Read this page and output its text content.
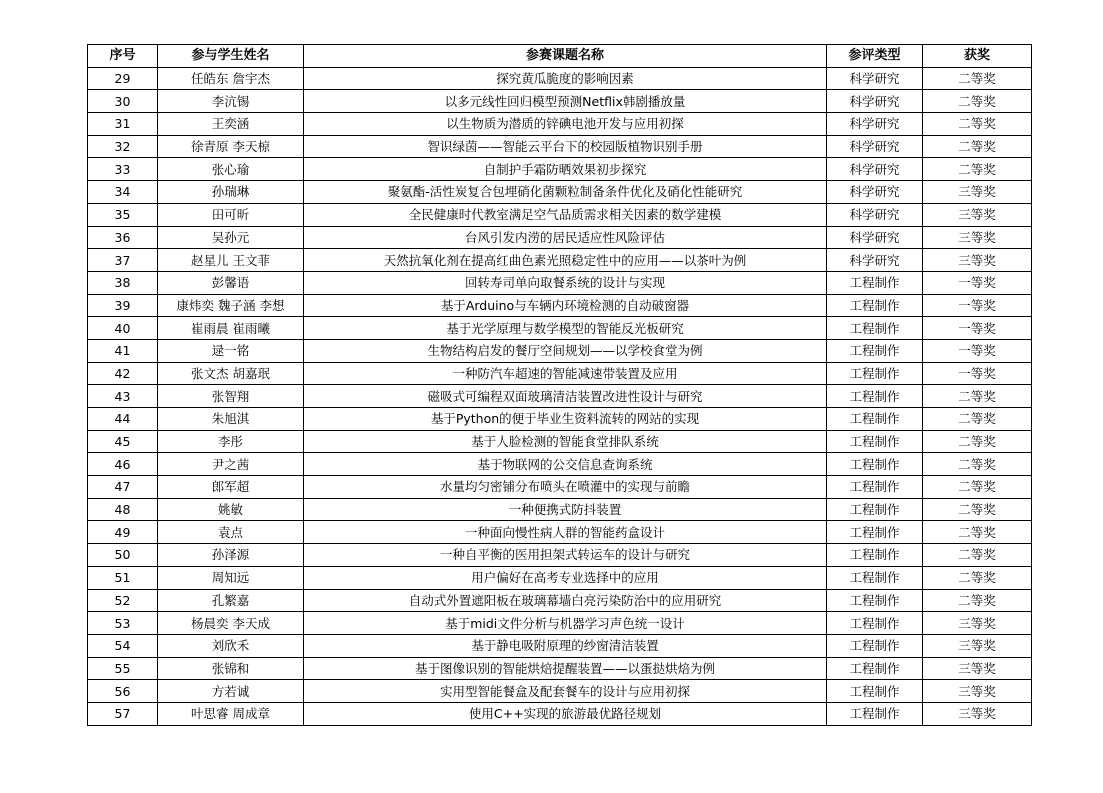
序号	参与学生姓名	参赛课题名称	参评类型	获奖
29	任皓东 詹宇杰	探究黄瓜脆度的影响因素	科学研究	二等奖
30	李沆锡	以多元线性回归模型预测Netflix韩剧播放量	科学研究	二等奖
31	王奕涵	以生物质为潜质的锌碘电池开发与应用初探	科学研究	二等奖
32	徐青原 李天椋	智识绿茵——智能云平台下的校园版植物识别手册	科学研究	二等奖
33	张心瑜	自制护手霜防晒效果初步探究	科学研究	二等奖
34	孙瑞琳	聚氨酯-活性炭复合包埋硝化菌颗粒制备条件优化及硝化性能研究	科学研究	三等奖
35	田可昕	全民健康时代教室满足空气品质需求相关因素的数学建模	科学研究	三等奖
36	吴孙元	台风引发内涝的居民适应性风险评估	科学研究	三等奖
37	赵星儿 王文菲	天然抗氧化剂在提高红曲色素光照稳定性中的应用——以茶叶为例	科学研究	三等奖
38	彭馨语	回转寿司单向取餐系统的设计与实现	工程制作	一等奖
39	康炜奕 魏子涵 李想	基于Arduino与车辆内环境检测的自动破窗器	工程制作	一等奖
40	崔雨晨 崔雨曦	基于光学原理与数学模型的智能反光板研究	工程制作	一等奖
41	逯一铭	生物结构启发的餐厅空间规划——以学校食堂为例	工程制作	一等奖
42	张文杰 胡嘉珉	一种防汽车超速的智能减速带装置及应用	工程制作	一等奖
43	张智翔	磁吸式可编程双面玻璃清洁装置改进性设计与研究	工程制作	二等奖
44	朱旭淇	基于Python的便于毕业生资料流转的网站的实现	工程制作	二等奖
45	李彤	基于人脸检测的智能食堂排队系统	工程制作	二等奖
46	尹之茜	基于物联网的公交信息查询系统	工程制作	二等奖
47	郎军超	水量均匀密铺分布喷头在喷灌中的实现与前瞻	工程制作	二等奖
48	姚敏	一种便携式防抖装置	工程制作	二等奖
49	袁点	一种面向慢性病人群的智能药盒设计	工程制作	二等奖
50	孙泽源	一种自平衡的医用担架式转运车的设计与研究	工程制作	二等奖
51	周知远	用户偏好在高考专业选择中的应用	工程制作	二等奖
52	孔繁嘉	自动式外置遮阳板在玻璃幕墙白亮污染防治中的应用研究	工程制作	二等奖
53	杨晨奕 李天成	基于midi文件分析与机器学习声色统一设计	工程制作	三等奖
54	刘欣禾	基于静电吸附原理的纱窗清洁装置	工程制作	三等奖
55	张锦和	基于图像识别的智能烘焙提醒装置——以蛋挞烘焙为例	工程制作	三等奖
56	方若诚	实用型智能餐盒及配套餐车的设计与应用初探	工程制作	三等奖
57	叶思睿 周成章	使用C++实现的旅游最优路径规划	工程制作	三等奖
